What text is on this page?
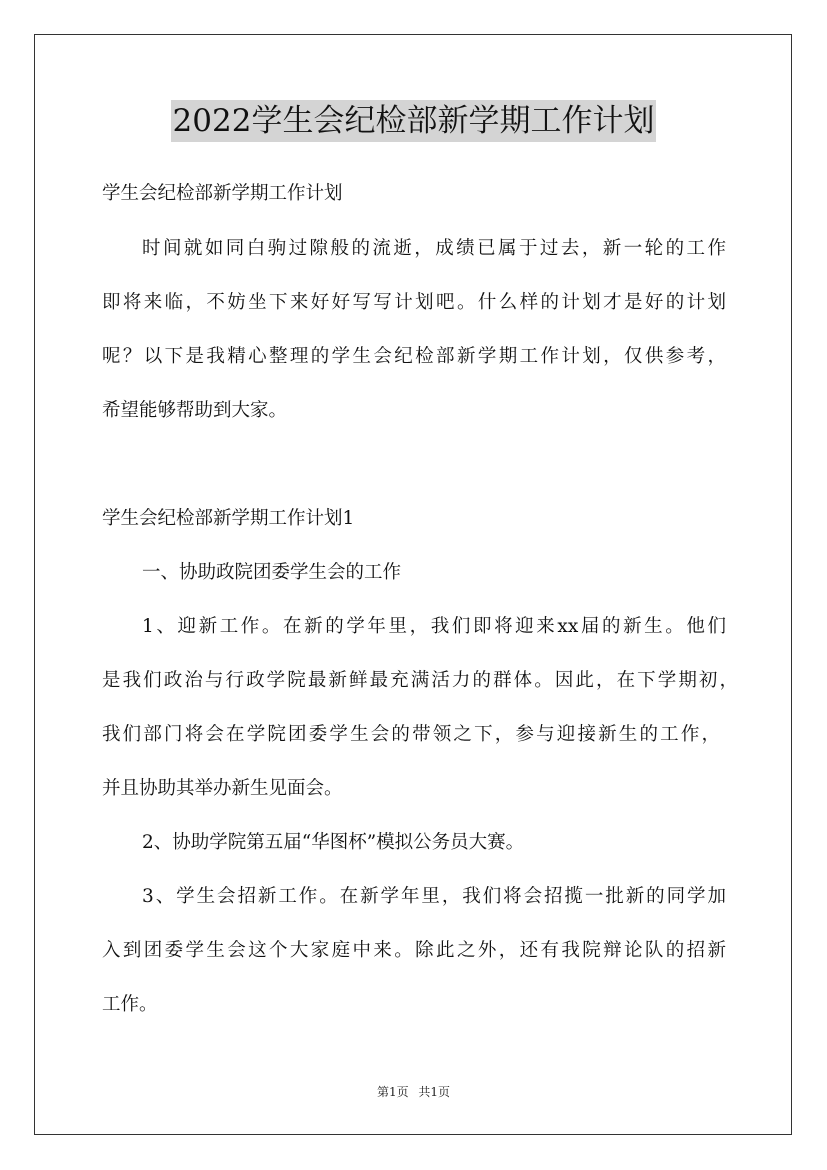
2022学生会纪检部新学期工作计划
学生会纪检部新学期工作计划
时间就如同白驹过隙般的流逝，成绩已属于过去，新一轮的工作
即将来临，不妨坐下来好好写写计划吧。什么样的计划才是好的计划
呢？以下是我精心整理的学生会纪检部新学期工作计划，仅供参考，
希望能够帮助到大家。
学生会纪检部新学期工作计划1
一、协助政院团委学生会的工作
1、迎新工作。在新的学年里，我们即将迎来xx届的新生。他们
是我们政治与行政学院最新鲜最充满活力的群体。因此，在下学期初，
我们部门将会在学院团委学生会的带领之下，参与迎接新生的工作，
并且协助其举办新生见面会。
2、协助学院第五届“华图杯”模拟公务员大赛。
3、学生会招新工作。在新学年里，我们将会招揽一批新的同学加
入到团委学生会这个大家庭中来。除此之外，还有我院辩论队的招新
工作。
第1页 共1页
